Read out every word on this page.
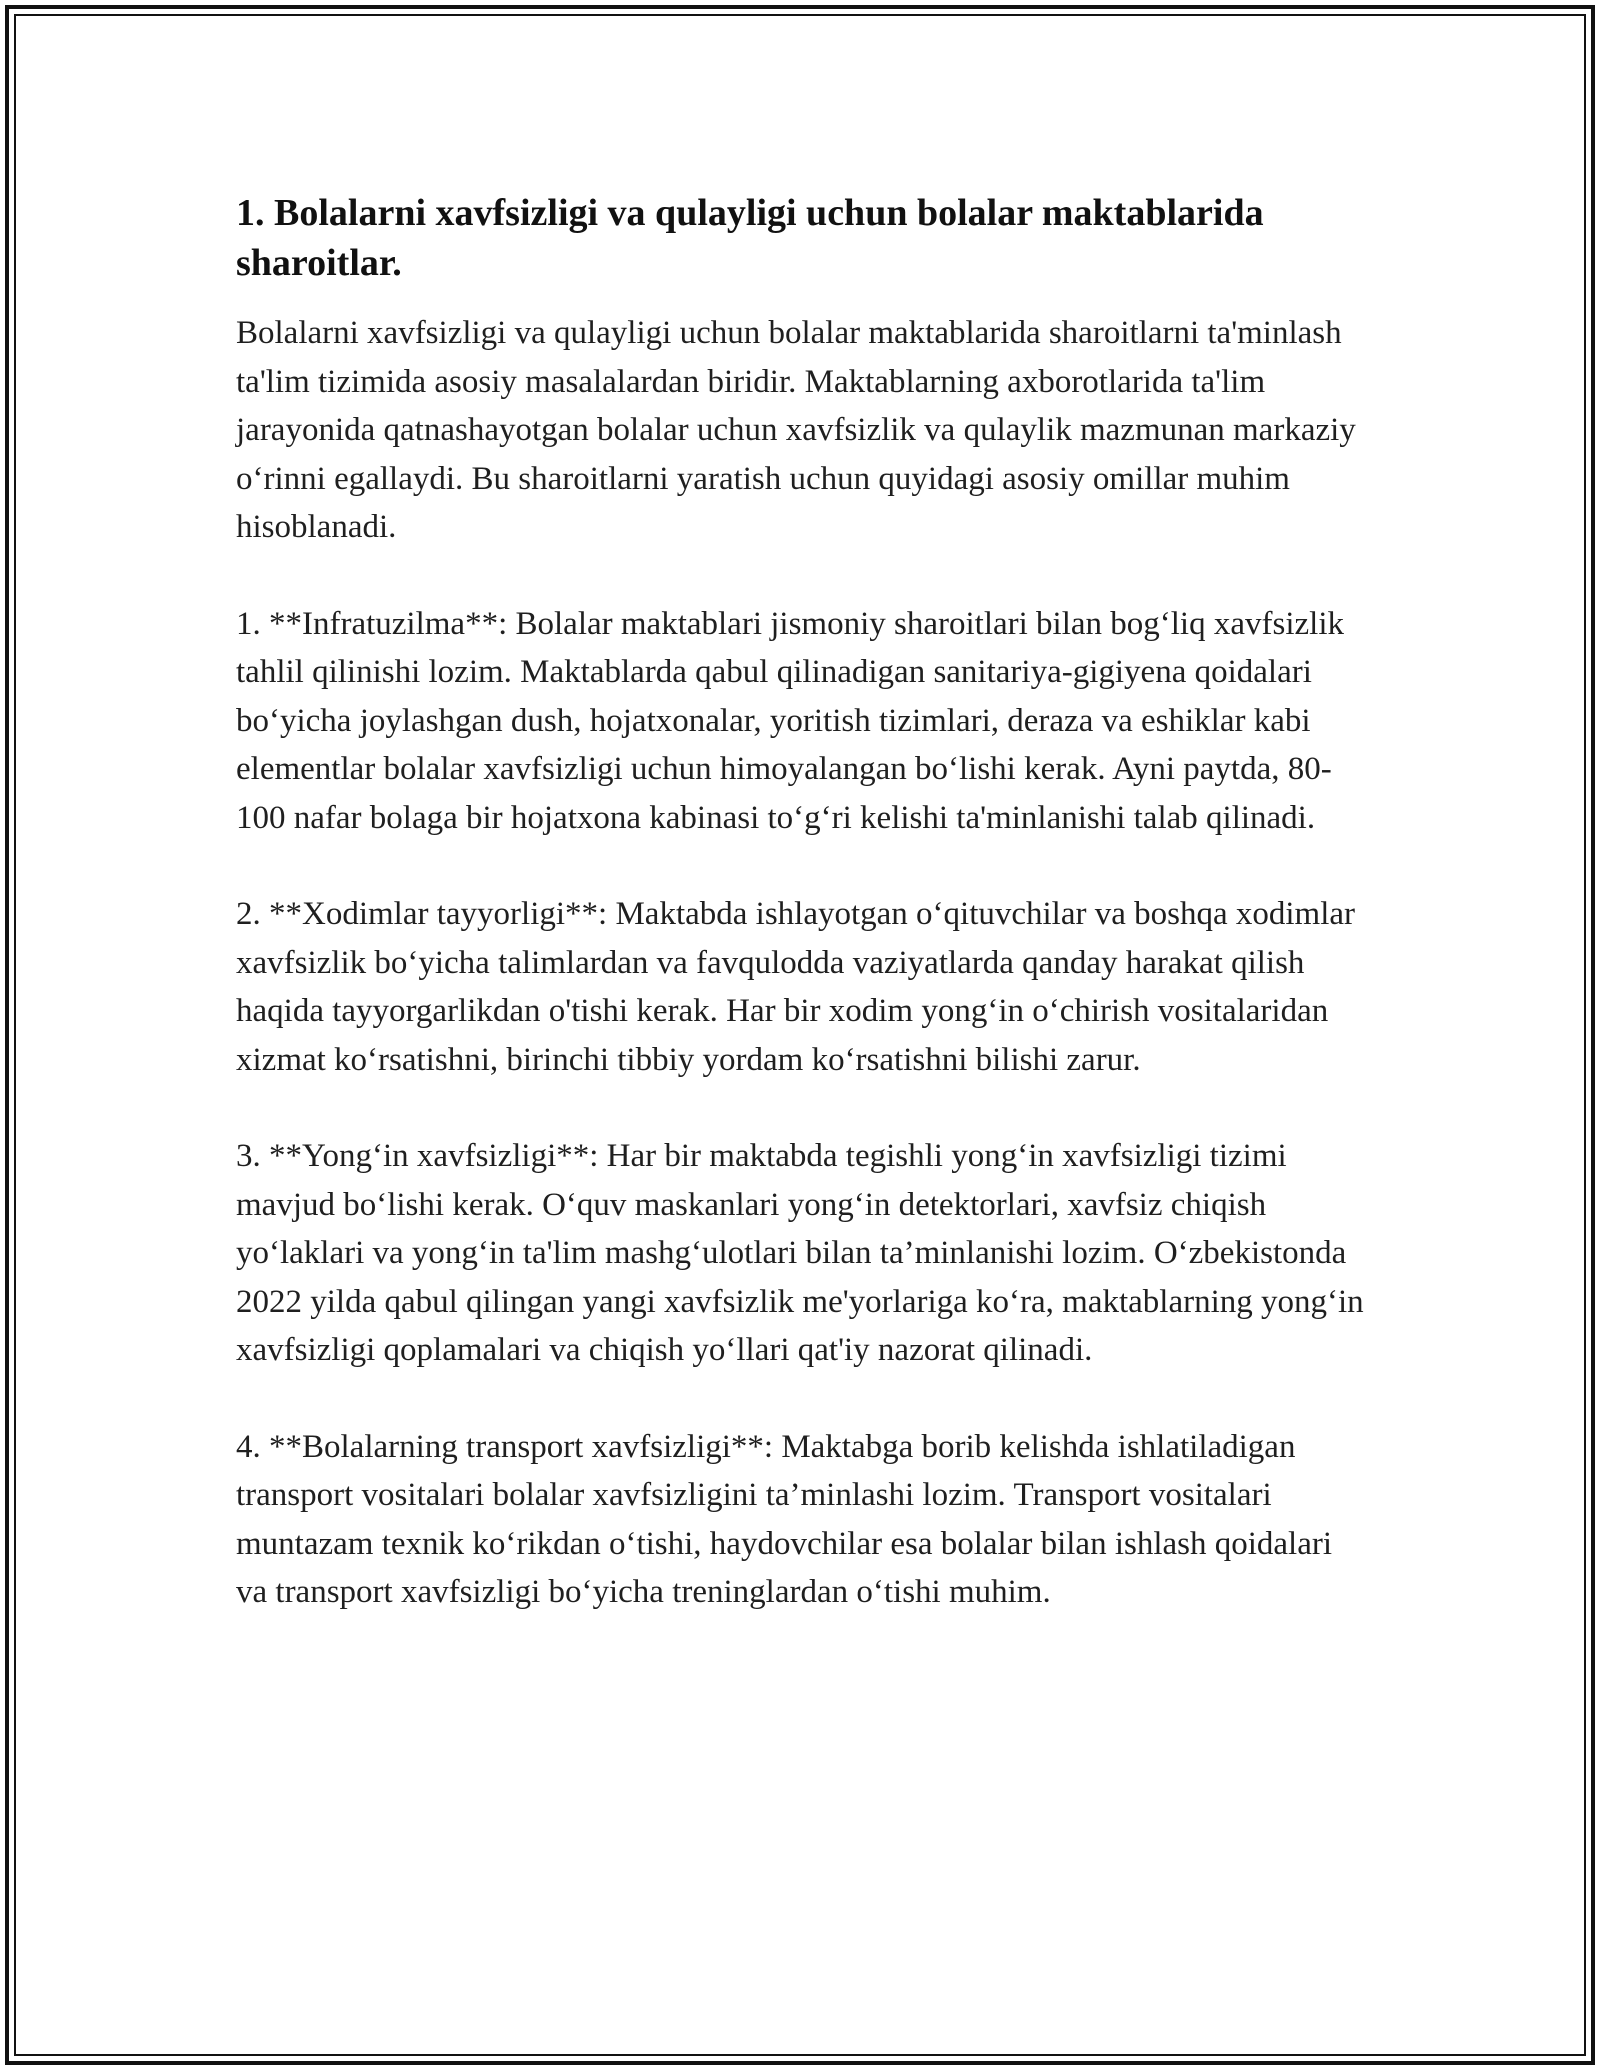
1. Bolalarni xavfsizligi va qulayligi uchun bolalar maktablarida sharoitlar.

Bolalarni xavfsizligi va qulayligi uchun bolalar maktablarida sharoitlarni ta'minlash ta'lim tizimida asosiy masalalardan biridir. Maktablarning axborotlarida ta'lim jarayonida qatnashayotgan bolalar uchun xavfsizlik va qulaylik mazmunan markaziy o‘rinni egallaydi. Bu sharoitlarni yaratish uchun quyidagi asosiy omillar muhim hisoblanadi.

1. **Infratuzilma**: Bolalar maktablari jismoniy sharoitlari bilan bog‘liq xavfsizlik tahlil qilinishi lozim. Maktablarda qabul qilinadigan sanitariya-gigiyena qoidalari bo‘yicha joylashgan dush, hojatxonalar, yoritish tizimlari, deraza va eshiklar kabi elementlar bolalar xavfsizligi uchun himoyalangan bo‘lishi kerak. Ayni paytda, 80-100 nafar bolaga bir hojatxona kabinasi to‘g‘ri kelishi ta'minlanishi talab qilinadi.

2. **Xodimlar tayyorligi**: Maktabda ishlayotgan o‘qituvchilar va boshqa xodimlar xavfsizlik bo‘yicha talimlardan va favqulodda vaziyatlarda qanday harakat qilish haqida tayyorgarlikdan o'tishi kerak. Har bir xodim yong‘in o‘chirish vositalaridan xizmat ko‘rsatishni, birinchi tibbiy yordam ko‘rsatishni bilishi zarur.

3. **Yong‘in xavfsizligi**: Har bir maktabda tegishli yong‘in xavfsizligi tizimi mavjud bo‘lishi kerak. O‘quv maskanlari yong‘in detektorlari, xavfsiz chiqish yo‘laklari va yong‘in ta'lim mashg‘ulotlari bilan ta’minlanishi lozim. O‘zbekistonda 2022 yilda qabul qilingan yangi xavfsizlik me'yorlariga ko‘ra, maktablarning yong‘in xavfsizligi qoplamalari va chiqish yo‘llari qat'iy nazorat qilinadi.

4. **Bolalarning transport xavfsizligi**: Maktabga borib kelishda ishlatiladigan transport vositalari bolalar xavfsizligini ta’minlashi lozim. Transport vositalari muntazam texnik ko‘rikdan o‘tishi, haydovchilar esa bolalar bilan ishlash qoidalari va transport xavfsizligi bo‘yicha treninglardan o‘tishi muhim.
